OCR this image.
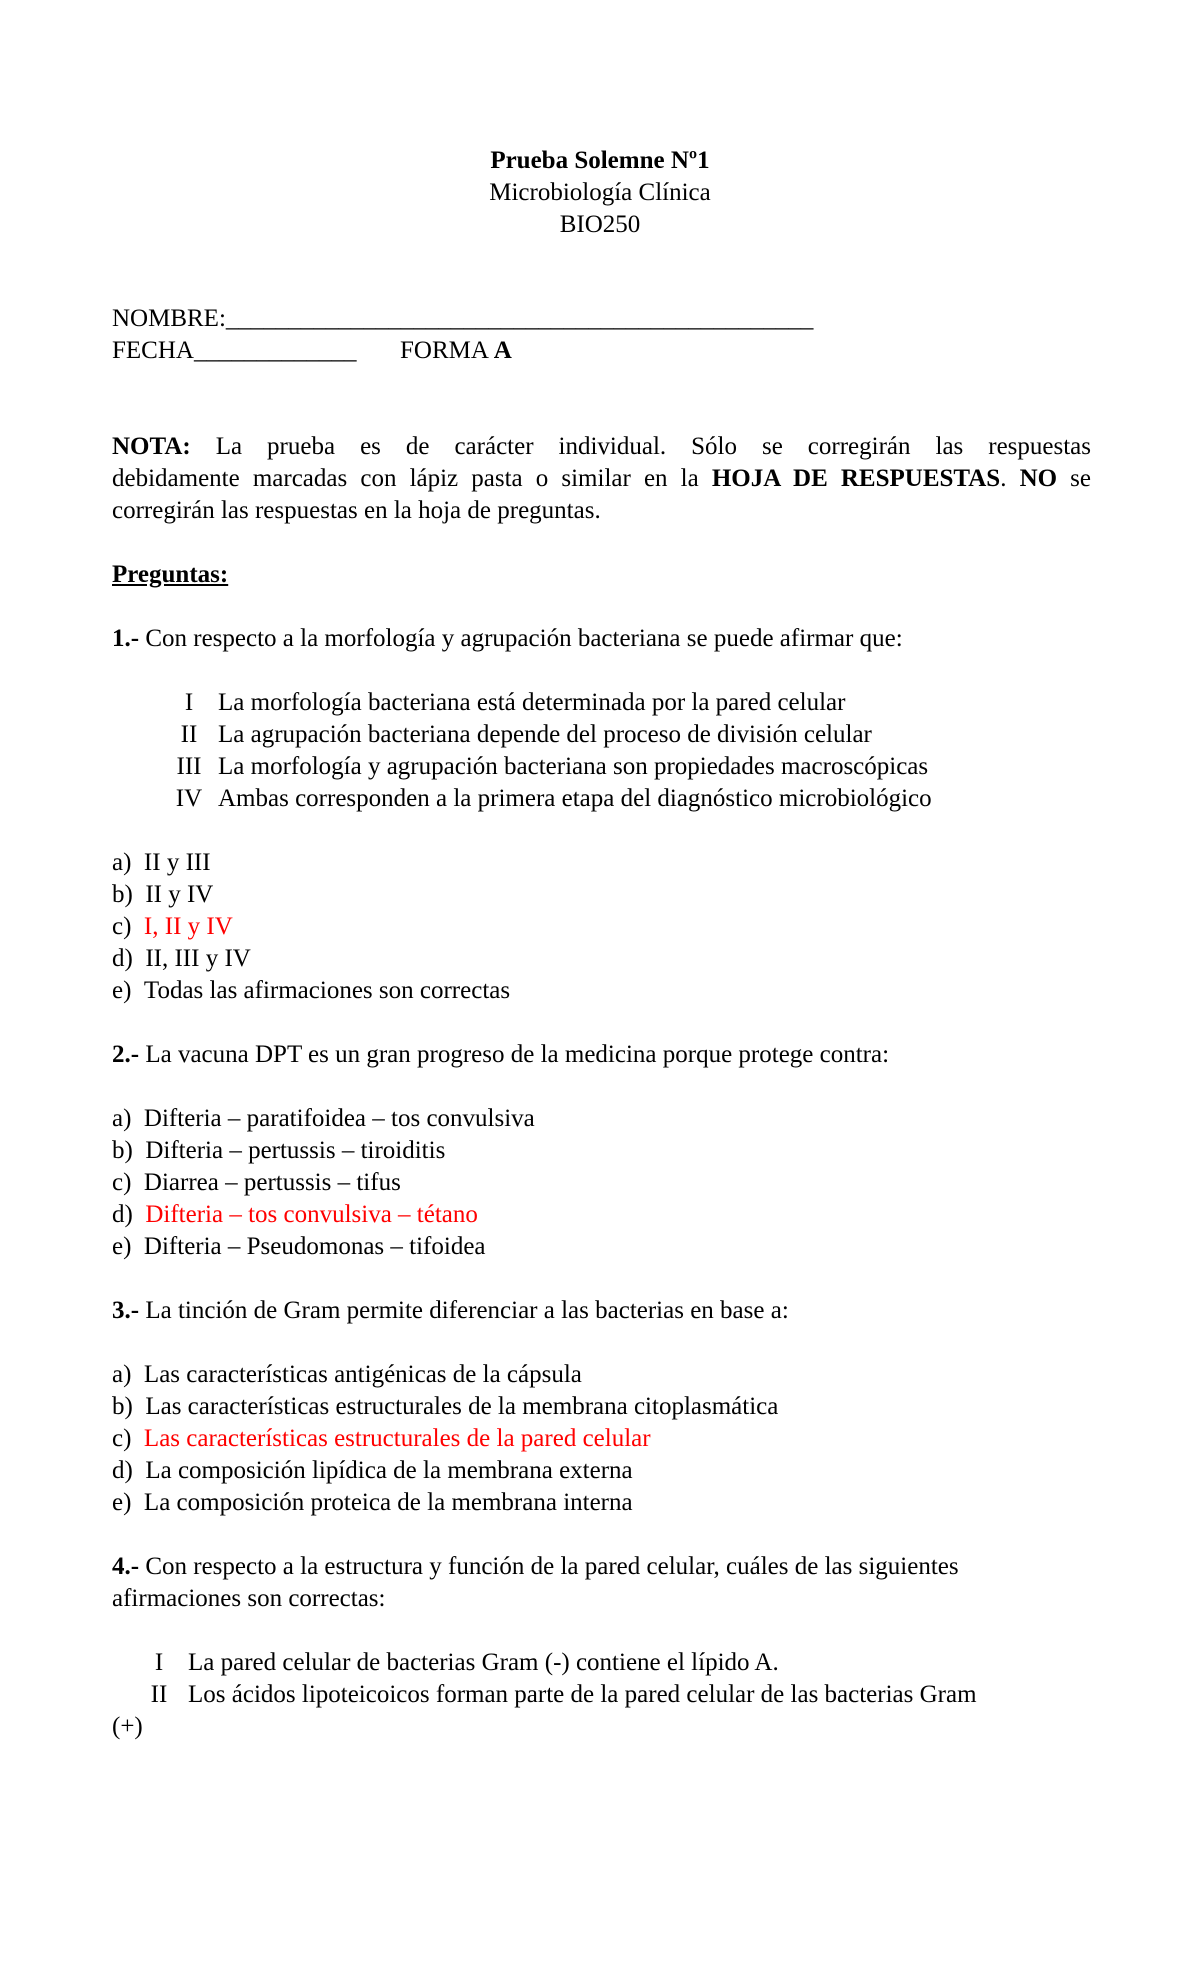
Prueba Solemne Nº1
Microbiología Clínica
BIO250
NOMBRE:_______________________________________________
FECHA_____________ FORMA A
NOTA: La prueba es de carácter individual. Sólo se corregirán las respuestas
debidamente marcadas con lápiz pasta o similar en la HOJA DE RESPUESTAS. NO se
corregirán las respuestas en la hoja de preguntas.
Preguntas:
1.- Con respecto a la morfología y agrupación bacteriana se puede afirmar que:
I La morfología bacteriana está determinada por la pared celular
II La agrupación bacteriana depende del proceso de división celular
III La morfología y agrupación bacteriana son propiedades macroscópicas
IV Ambas corresponden a la primera etapa del diagnóstico microbiológico
a) II y III
b) II y IV
c) I, II y IV
d) II, III y IV
e) Todas las afirmaciones son correctas
2.- La vacuna DPT es un gran progreso de la medicina porque protege contra:
a) Difteria – paratifoidea – tos convulsiva
b) Difteria – pertussis – tiroiditis
c) Diarrea – pertussis – tifus
d) Difteria – tos convulsiva – tétano
e) Difteria – Pseudomonas – tifoidea
3.- La tinción de Gram permite diferenciar a las bacterias en base a:
a) Las características antigénicas de la cápsula
b) Las características estructurales de la membrana citoplasmática
c) Las características estructurales de la pared celular
d) La composición lipídica de la membrana externa
e) La composición proteica de la membrana interna
4.- Con respecto a la estructura y función de la pared celular, cuáles de las siguientes
afirmaciones son correctas:
I La pared celular de bacterias Gram (-) contiene el lípido A.
II Los ácidos lipoteicoicos forman parte de la pared celular de las bacterias Gram
(+)
